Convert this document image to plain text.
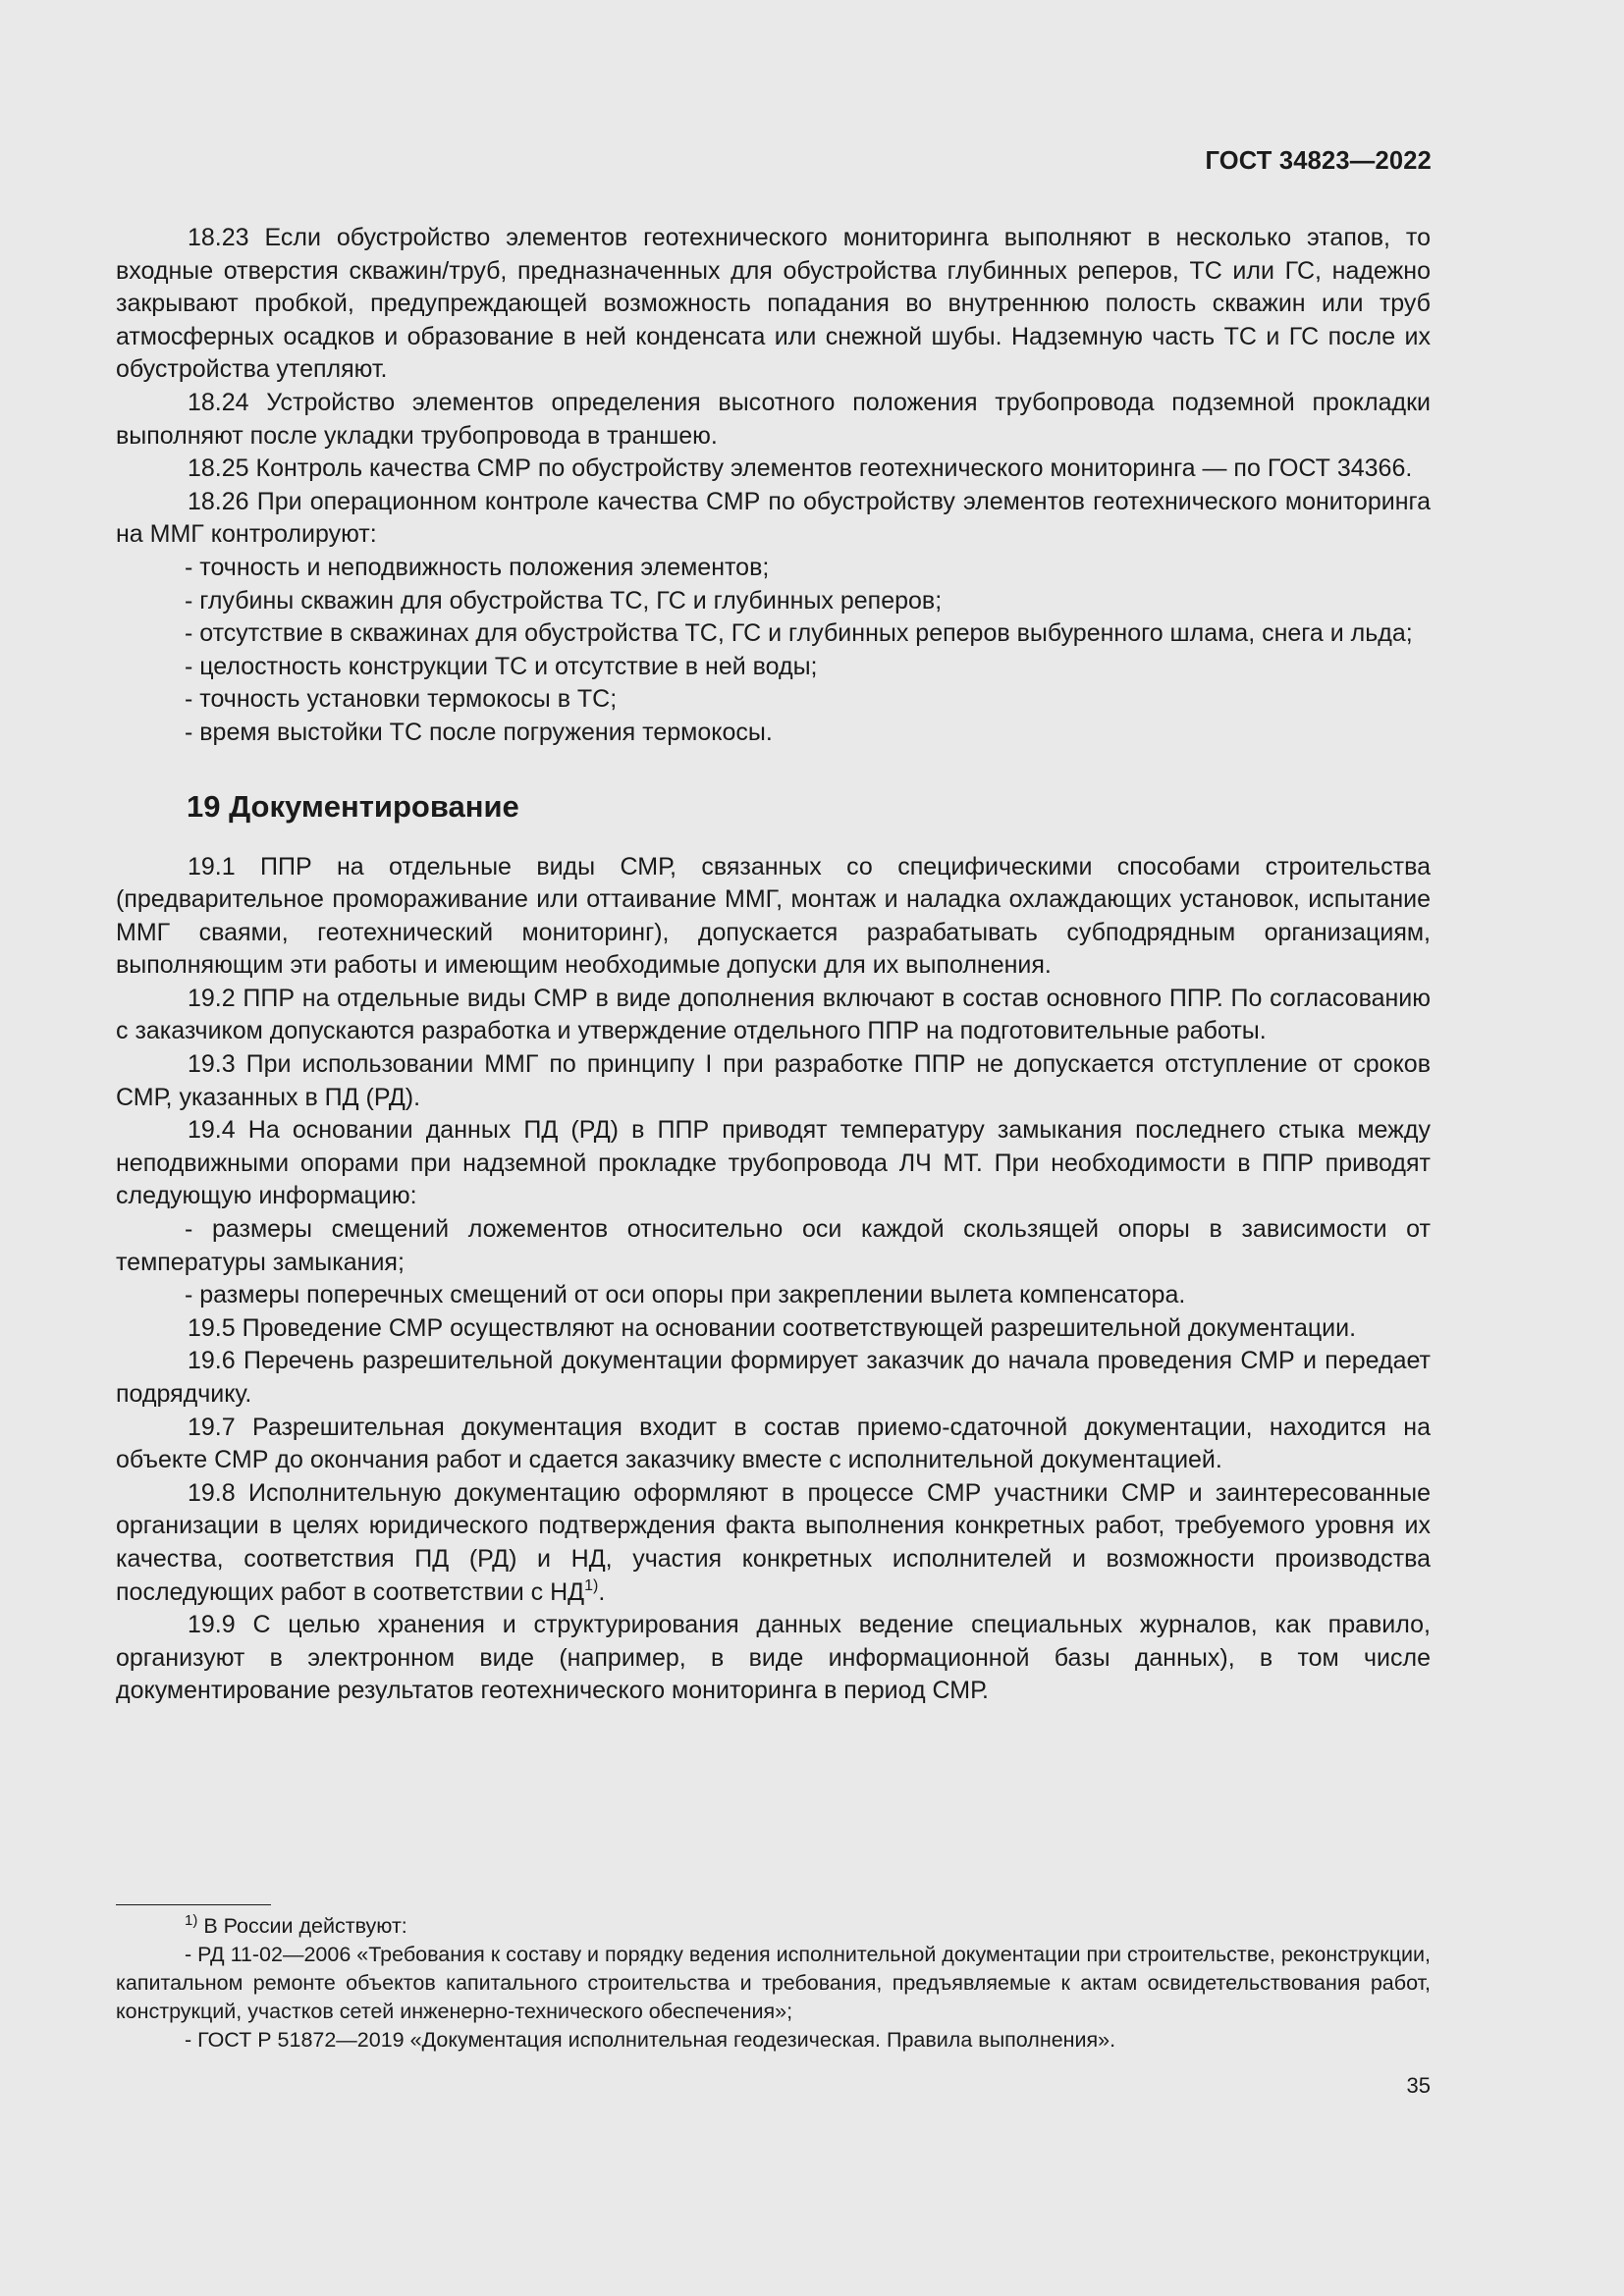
ГОСТ 34823—2022

18.23 Если обустройство элементов геотехнического мониторинга выполняют в несколько этапов, то входные отверстия скважин/труб, предназначенных для обустройства глубинных реперов, ТС или ГС, надежно закрывают пробкой, предупреждающей возможность попадания во внутреннюю полость скважин или труб атмосферных осадков и образование в ней конденсата или снежной шубы. Надземную часть ТС и ГС после их обустройства утепляют.

18.24 Устройство элементов определения высотного положения трубопровода подземной прокладки выполняют после укладки трубопровода в траншею.

18.25 Контроль качества СМР по обустройству элементов геотехнического мониторинга — по ГОСТ 34366.

18.26 При операционном контроле качества СМР по обустройству элементов геотехнического мониторинга на ММГ контролируют:

- точность и неподвижность положения элементов;

- глубины скважин для обустройства ТС, ГС и глубинных реперов;

- отсутствие в скважинах для обустройства ТС, ГС и глубинных реперов выбуренного шлама, снега и льда;

- целостность конструкции ТС и отсутствие в ней воды;

- точность установки термокосы в ТС;

- время выстойки ТС после погружения термокосы.

19 Документирование

19.1 ППР на отдельные виды СМР, связанных со специфическими способами строительства (предварительное промораживание или оттаивание ММГ, монтаж и наладка охлаждающих установок, испытание ММГ сваями, геотехнический мониторинг), допускается разрабатывать субподрядным организациям, выполняющим эти работы и имеющим необходимые допуски для их выполнения.

19.2 ППР на отдельные виды СМР в виде дополнения включают в состав основного ППР. По согласованию с заказчиком допускаются разработка и утверждение отдельного ППР на подготовительные работы.

19.3 При использовании ММГ по принципу I при разработке ППР не допускается отступление от сроков СМР, указанных в ПД (РД).

19.4 На основании данных ПД (РД) в ППР приводят температуру замыкания последнего стыка между неподвижными опорами при надземной прокладке трубопровода ЛЧ МТ. При необходимости в ППР приводят следующую информацию:

- размеры смещений ложементов относительно оси каждой скользящей опоры в зависимости от температуры замыкания;

- размеры поперечных смещений от оси опоры при закреплении вылета компенсатора.

19.5 Проведение СМР осуществляют на основании соответствующей разрешительной документации.

19.6 Перечень разрешительной документации формирует заказчик до начала проведения СМР и передает подрядчику.

19.7 Разрешительная документация входит в состав приемо-сдаточной документации, находится на объекте СМР до окончания работ и сдается заказчику вместе с исполнительной документацией.

19.8 Исполнительную документацию оформляют в процессе СМР участники СМР и заинтересованные организации в целях юридического подтверждения факта выполнения конкретных работ, требуемого уровня их качества, соответствия ПД (РД) и НД, участия конкретных исполнителей и возможности производства последующих работ в соответствии с НД$^{1)}$.

19.9 С целью хранения и структурирования данных ведение специальных журналов, как правило, организуют в электронном виде (например, в виде информационной базы данных), в том числе документирование результатов геотехнического мониторинга в период СМР.

$^{1)}$ В России действуют:

- РД 11-02—2006 «Требования к составу и порядку ведения исполнительной документации при строительстве, реконструкции, капитальном ремонте объектов капитального строительства и требования, предъявляемые к актам освидетельствования работ, конструкций, участков сетей инженерно-технического обеспечения»;

- ГОСТ Р 51872—2019 «Документация исполнительная геодезическая. Правила выполнения».

35
